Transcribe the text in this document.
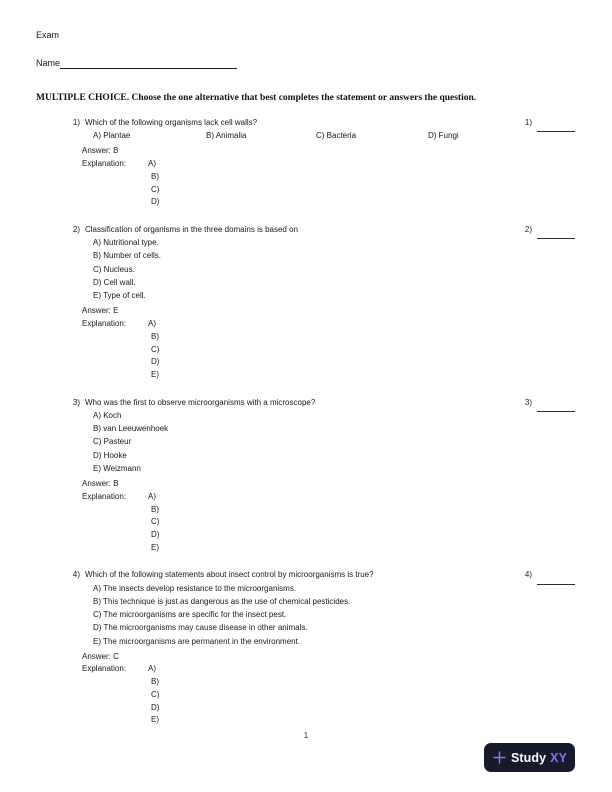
Exam
Name
MULTIPLE CHOICE. Choose the one alternative that best completes the statement or answers the question.
1)
1) Which of the following organisms lack cell walls?
A) Plantae	B) Animalia	C) Bacteria	D) Fungi
Answer: B
Explanation:	A)
B)
C)
D)
2)
2) Classification of organisms in the three domains is based on
A) Nutritional type.
B) Number of cells.
C) Nucleus.
D) Cell wall.
E) Type of cell.
Answer: E
Explanation:	A)
B)
C)
D)
E)
3)
3) Who was the first to observe microorganisms with a microscope?
A) Koch
B) van Leeuwenhoek
C) Pasteur
D) Hooke
E) Weizmann
Answer: B
Explanation:	A)
B)
C)
D)
E)
4)
4) Which of the following statements about insect control by microorganisms is true?
A) The insects develop resistance to the microorganisms.
B) This technique is just as dangerous as the use of chemical pesticides.
C) The microorganisms are specific for the insect pest.
D) The microorganisms may cause disease in other animals.
E) The microorganisms are permanent in the environment.
Answer: C
Explanation:	A)
B)
C)
D)
E)
1
Study XY
